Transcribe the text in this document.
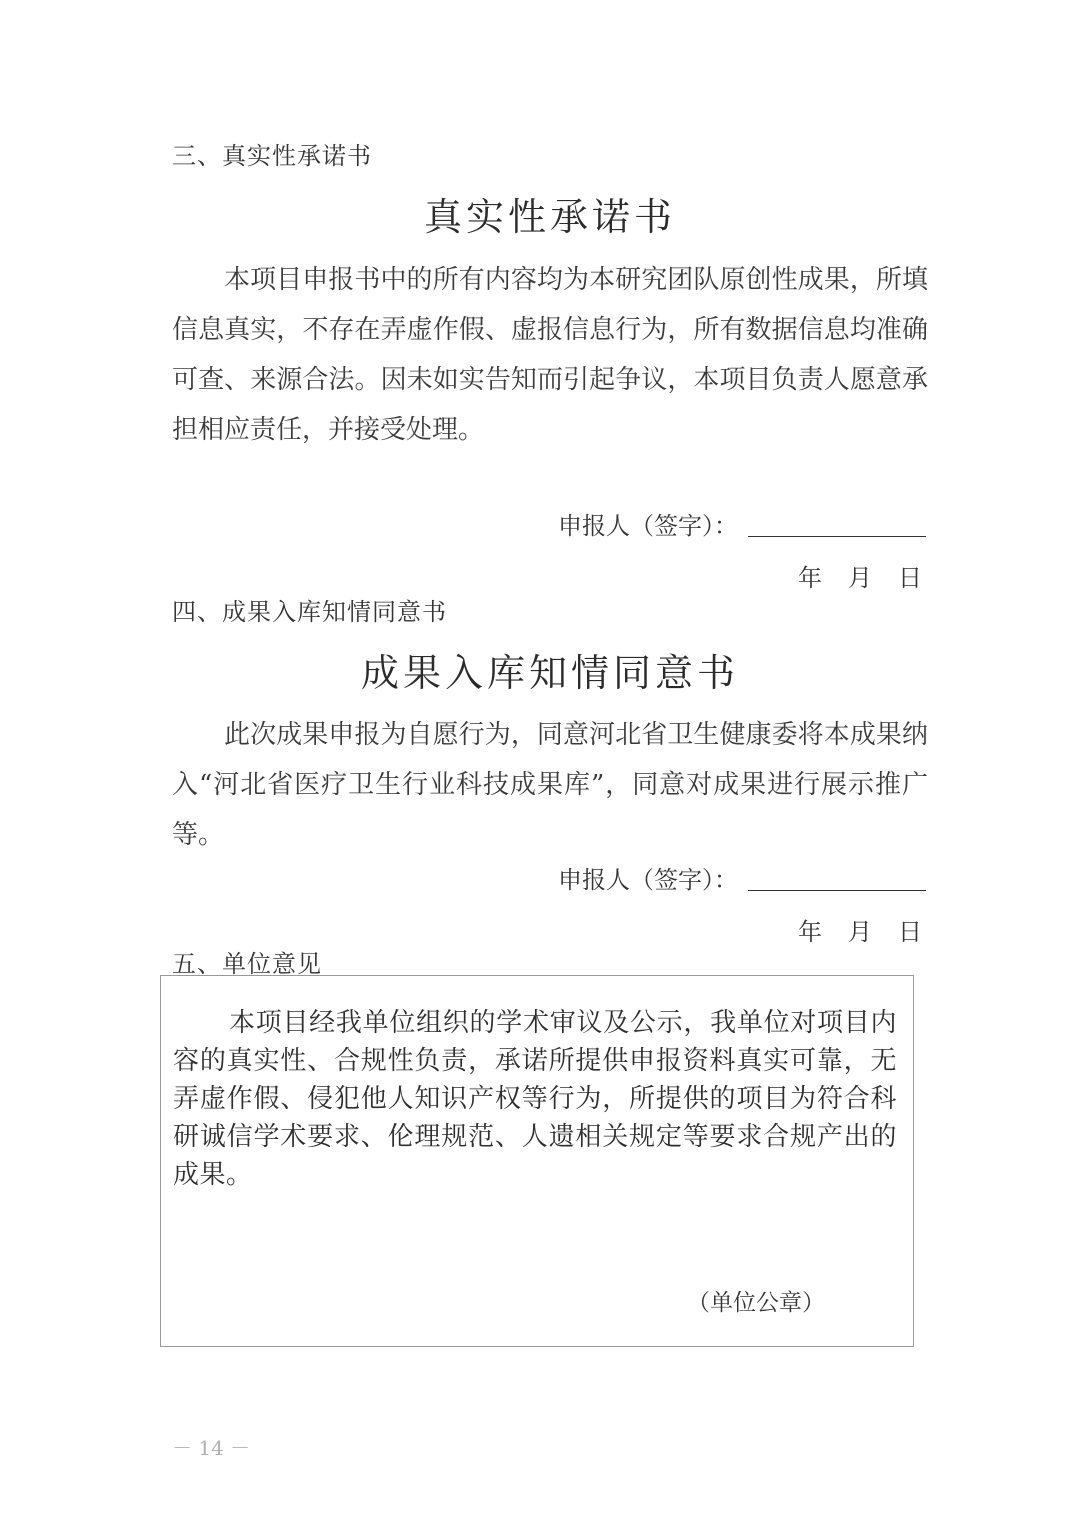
三、真实性承诺书
真实性承诺书
本项目申报书中的所有内容均为本研究团队原创性成果，所填信息真实，不存在弄虚作假、虚报信息行为，所有数据信息均准确可查、来源合法。因未如实告知而引起争议，本项目负责人愿意承担相应责任，并接受处理。
申报人（签字）：
年 月 日
四、成果入库知情同意书
成果入库知情同意书
此次成果申报为自愿行为，同意河北省卫生健康委将本成果纳入“河北省医疗卫生行业科技成果库”，同意对成果进行展示推广等。
申报人（签字）：
年 月 日
五、单位意见
本项目经我单位组织的学术审议及公示，我单位对项目内容的真实性、合规性负责，承诺所提供申报资料真实可靠，无弄虚作假、侵犯他人知识产权等行为，所提供的项目为符合科研诚信学术要求、伦理规范、人遗相关规定等要求合规产出的成果。
（单位公章）
－ 14 －
